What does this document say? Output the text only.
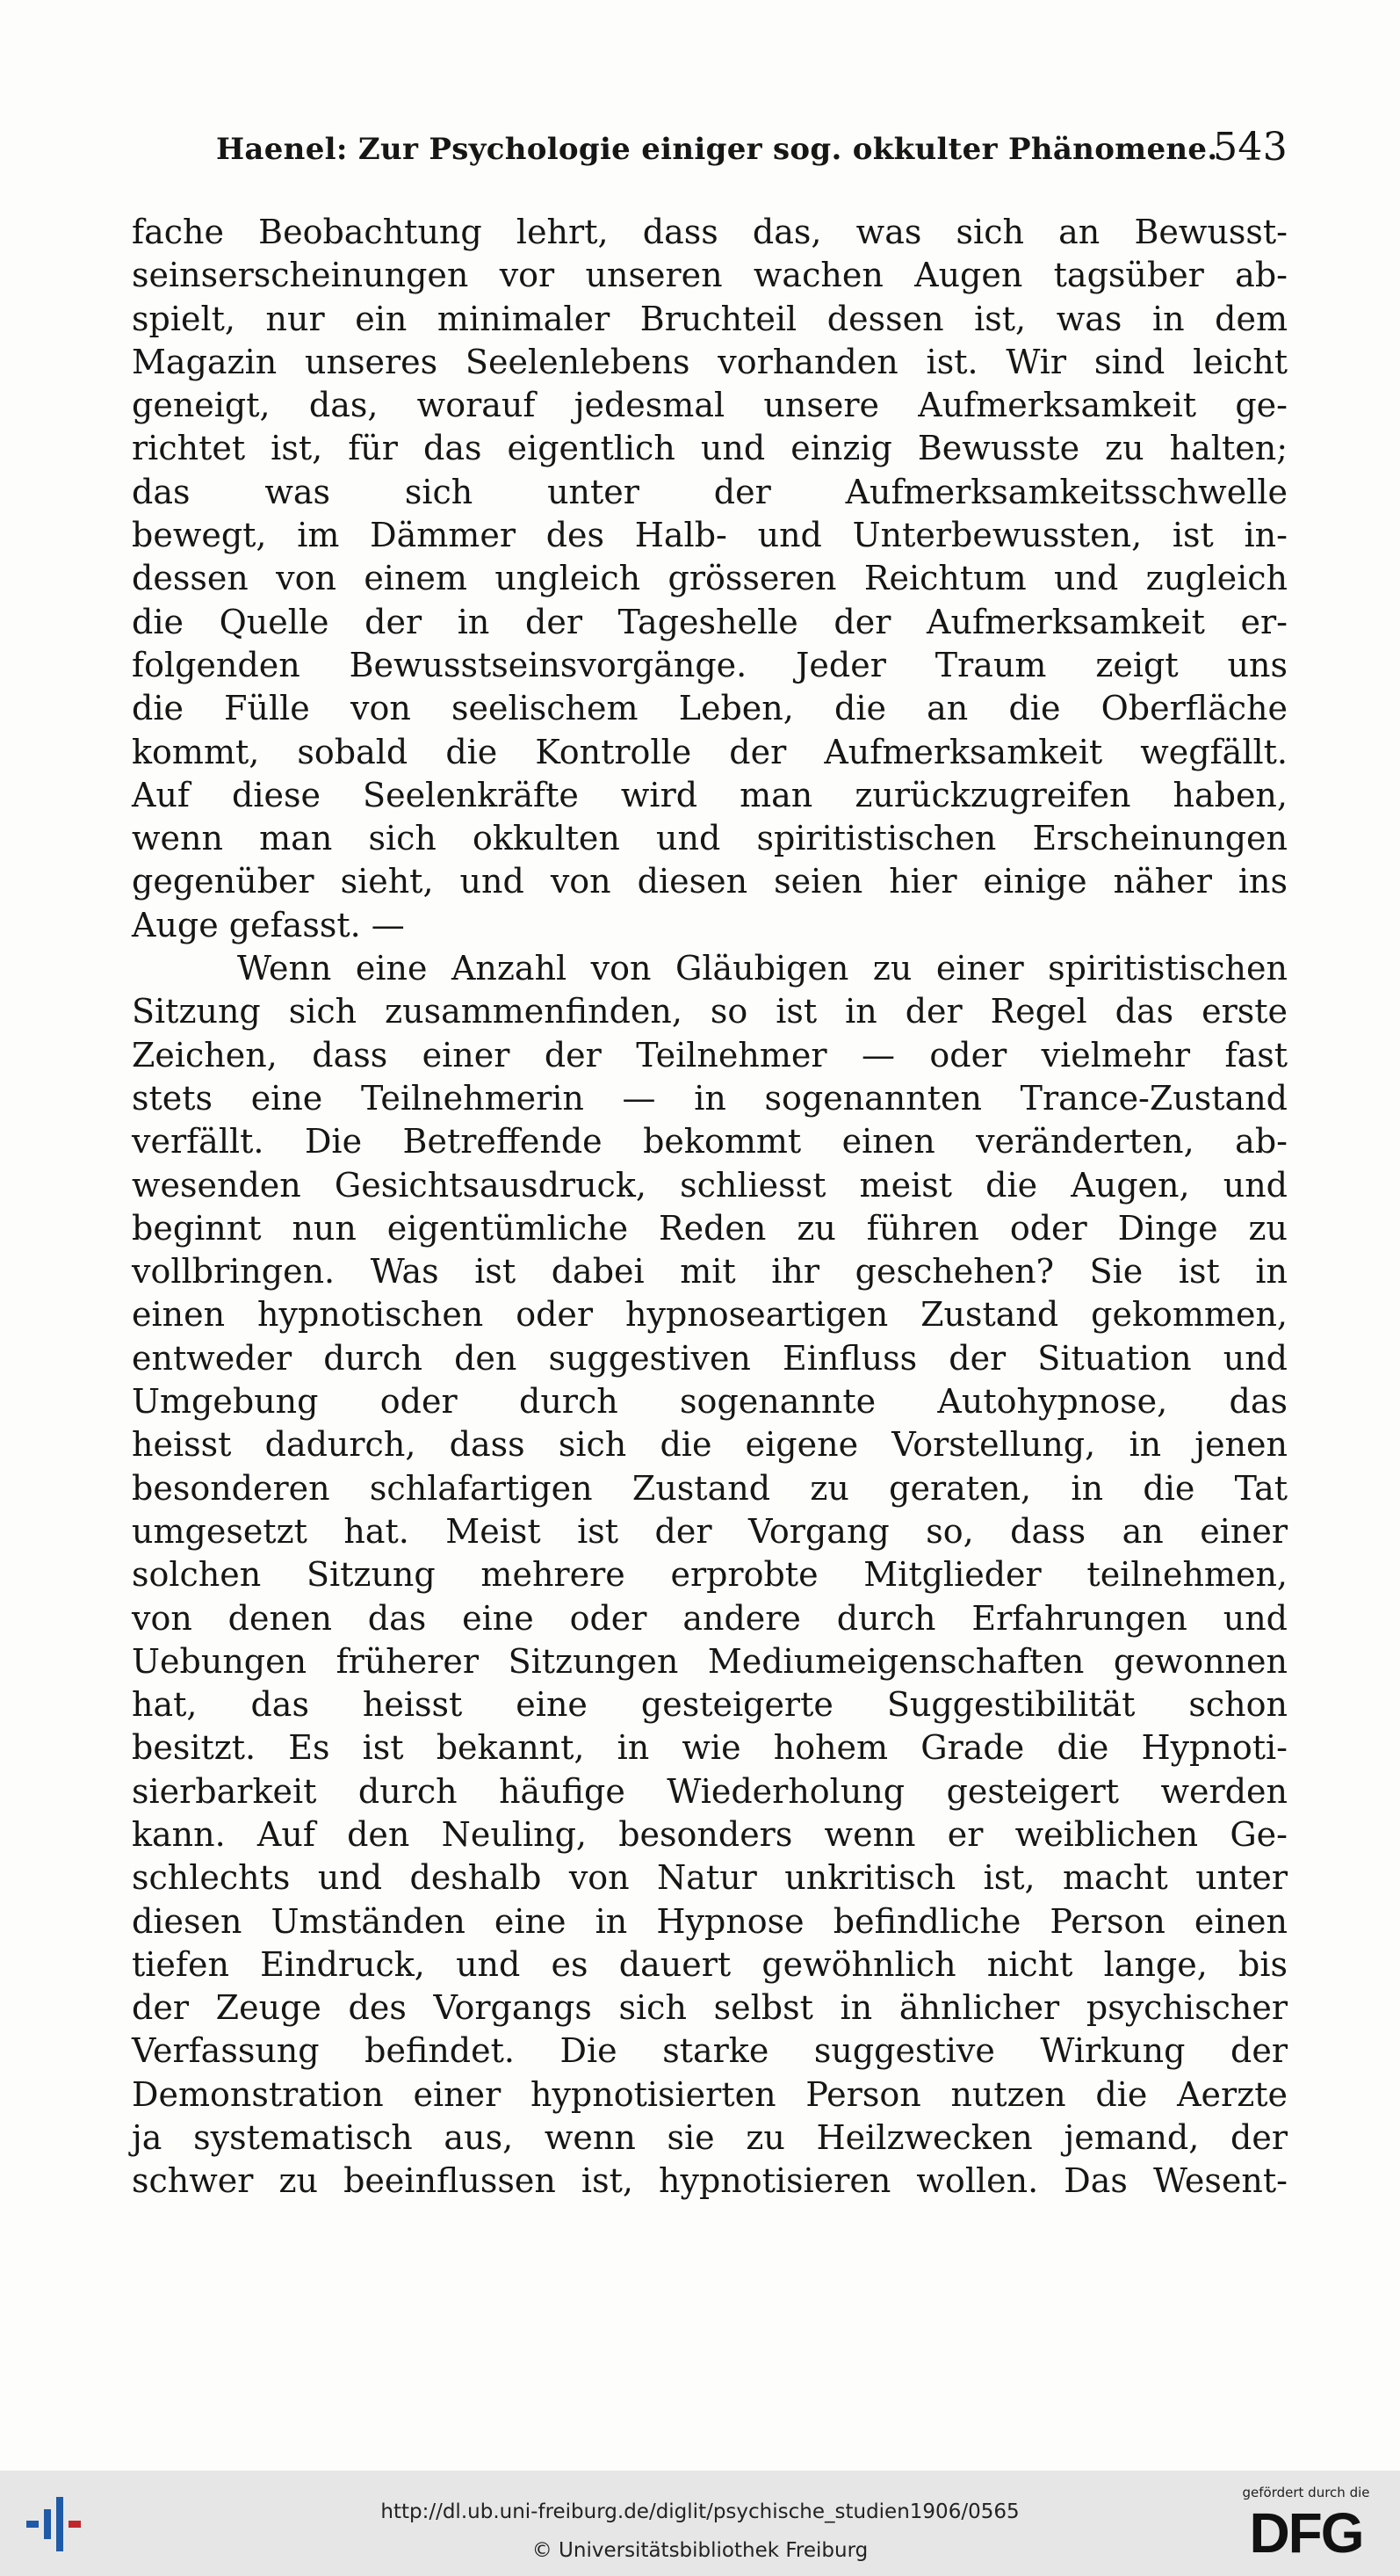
Haenel: Zur Psychologie einiger sog. okkulter Phänomene.
543
fache Beobachtung lehrt, dass das, was sich an Bewusst-
seinserscheinungen vor unseren wachen Augen tagsüber ab-
spielt, nur ein minimaler Bruchteil dessen ist, was in dem
Magazin unseres Seelenlebens vorhanden ist. Wir sind leicht
geneigt, das, worauf jedesmal unsere Aufmerksamkeit ge-
richtet ist, für das eigentlich und einzig Bewusste zu halten;
das was sich unter der Aufmerksamkeitsschwelle
bewegt, im Dämmer des Halb- und Unterbewussten, ist in-
dessen von einem ungleich grösseren Reichtum und zugleich
die Quelle der in der Tageshelle der Aufmerksamkeit er-
folgenden Bewusstseinsvorgänge. Jeder Traum zeigt uns
die Fülle von seelischem Leben, die an die Oberfläche
kommt, sobald die Kontrolle der Aufmerksamkeit wegfällt.
Auf diese Seelenkräfte wird man zurückzugreifen haben,
wenn man sich okkulten und spiritistischen Erscheinungen
gegenüber sieht, und von diesen seien hier einige näher ins
Auge gefasst. —
Wenn eine Anzahl von Gläubigen zu einer spiritistischen
Sitzung sich zusammenfinden, so ist in der Regel das erste
Zeichen, dass einer der Teilnehmer — oder vielmehr fast
stets eine Teilnehmerin — in sogenannten Trance-Zustand
verfällt. Die Betreffende bekommt einen veränderten, ab-
wesenden Gesichtsausdruck, schliesst meist die Augen, und
beginnt nun eigentümliche Reden zu führen oder Dinge zu
vollbringen. Was ist dabei mit ihr geschehen? Sie ist in
einen hypnotischen oder hypnoseartigen Zustand gekommen,
entweder durch den suggestiven Einfluss der Situation und
Umgebung oder durch sogenannte Autohypnose, das
heisst dadurch, dass sich die eigene Vorstellung, in jenen
besonderen schlafartigen Zustand zu geraten, in die Tat
umgesetzt hat. Meist ist der Vorgang so, dass an einer
solchen Sitzung mehrere erprobte Mitglieder teilnehmen,
von denen das eine oder andere durch Erfahrungen und
Uebungen früherer Sitzungen Mediumeigenschaften gewonnen
hat, das heisst eine gesteigerte Suggestibilität schon
besitzt. Es ist bekannt, in wie hohem Grade die Hypnoti-
sierbarkeit durch häufige Wiederholung gesteigert werden
kann. Auf den Neuling, besonders wenn er weiblichen Ge-
schlechts und deshalb von Natur unkritisch ist, macht unter
diesen Umständen eine in Hypnose befindliche Person einen
tiefen Eindruck, und es dauert gewöhnlich nicht lange, bis
der Zeuge des Vorgangs sich selbst in ähnlicher psychischer
Verfassung befindet. Die starke suggestive Wirkung der
Demonstration einer hypnotisierten Person nutzen die Aerzte
ja systematisch aus, wenn sie zu Heilzwecken jemand, der
schwer zu beeinflussen ist, hypnotisieren wollen. Das Wesent-
http://dl.ub.uni-freiburg.de/diglit/psychische_studien1906/0565
© Universitätsbibliothek Freiburg
gefördert durch die
DFG
